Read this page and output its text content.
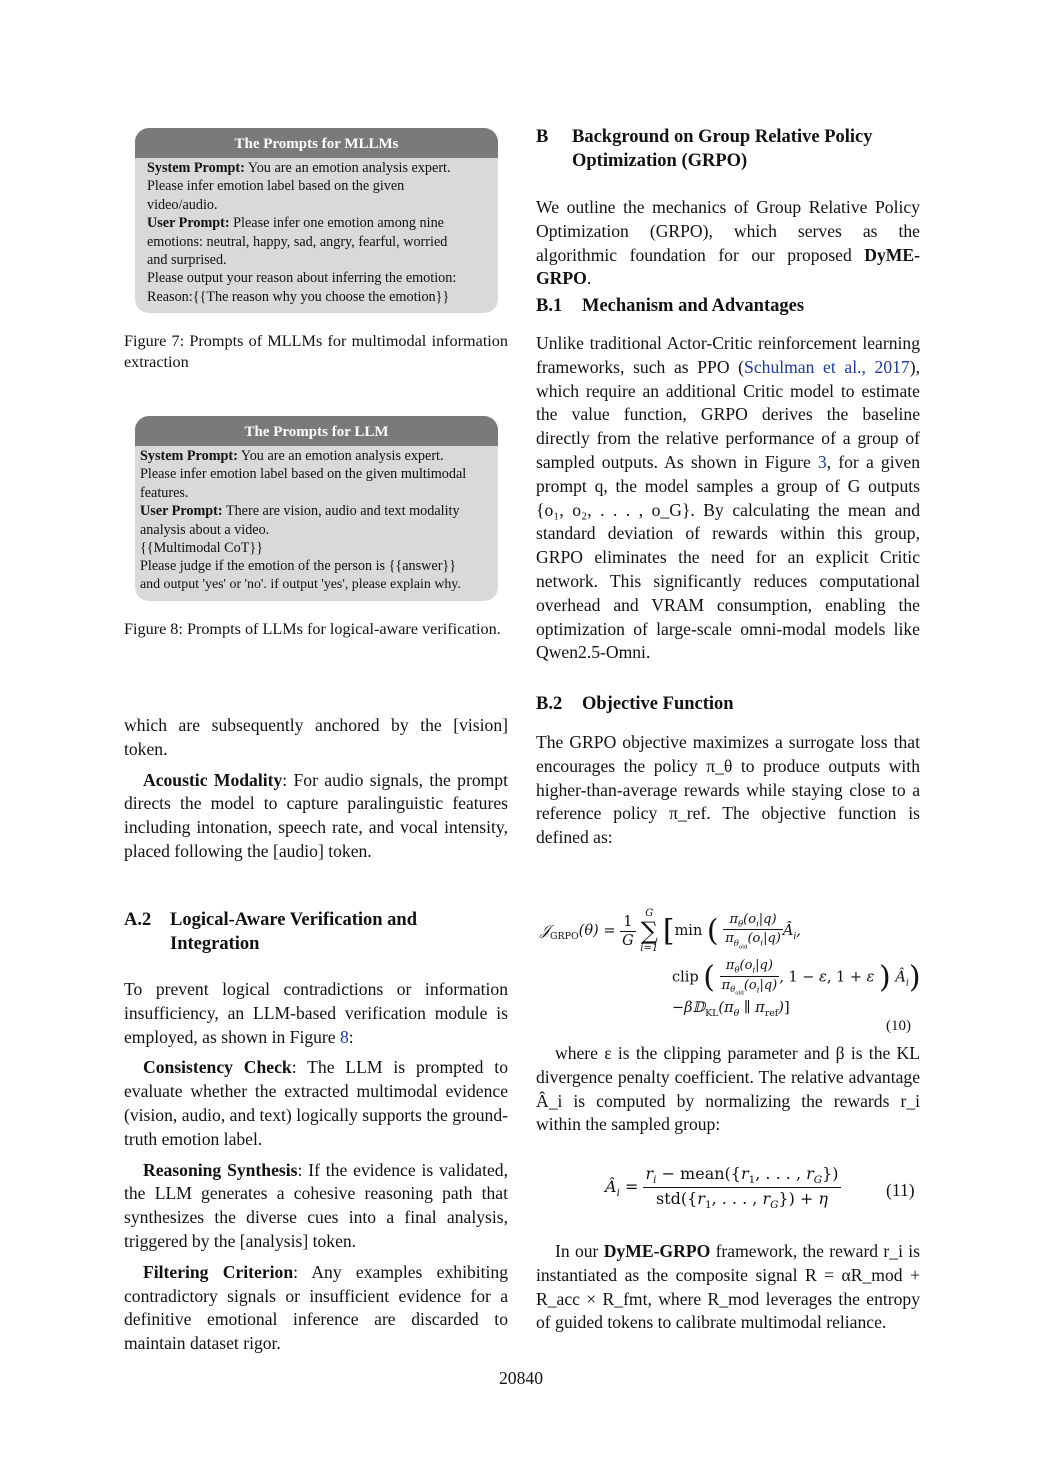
The Prompts for MLLMs
System Prompt: You are an emotion analysis expert.
Please infer emotion label based on the given
video/audio.
User Prompt: Please infer one emotion among nine
emotions: neutral, happy, sad, angry, fearful, worried
and surprised.
Please output your reason about inferring the emotion:
Reason:{{The reason why you choose the emotion}}
Figure 7: Prompts of MLLMs for multimodal information extraction
The Prompts for LLM
System Prompt: You are an emotion analysis expert.
Please infer emotion label based on the given multimodal
features.
User Prompt: There are vision, audio and text modality
analysis about a video.
{{Multimodal CoT}}
Please judge if the emotion of the person is {{answer}}
and output 'yes' or 'no'. if output 'yes', please explain why.
Figure 8: Prompts of LLMs for logical-aware verification.

which are subsequently anchored by the [vision] token.

Acoustic Modality: For audio signals, the prompt directs the model to capture paralinguistic features including intonation, speech rate, and vocal intensity, placed following the [audio] token.

A.2 Logical-Aware Verification and
Integration

To prevent logical contradictions or information insufficiency, an LLM-based verification module is employed, as shown in Figure 8:

Consistency Check: The LLM is prompted to evaluate whether the extracted multimodal evidence (vision, audio, and text) logically supports the ground-truth emotion label.

Reasoning Synthesis: If the evidence is validated, the LLM generates a cohesive reasoning path that synthesizes the diverse cues into a final analysis, triggered by the [analysis] token.

Filtering Criterion: Any examples exhibiting contradictory signals or insufficient evidence for a definitive emotional inference are discarded to maintain dataset rigor.

B Background on Group Relative Policy
Optimization (GRPO)

We outline the mechanics of Group Relative Policy Optimization (GRPO), which serves as the algorithmic foundation for our proposed DyME-GRPO.

B.1 Mechanism and Advantages

Unlike traditional Actor-Critic reinforcement learning frameworks, such as PPO (Schulman et al., 2017), which require an additional Critic model to estimate the value function, GRPO derives the baseline directly from the relative performance of a group of sampled outputs. As shown in Figure 3, for a given prompt q, the model samples a group of G outputs {o₁, o₂, . . . , o_G}. By calculating the mean and standard deviation of rewards within this group, GRPO eliminates the need for an explicit Critic network. This significantly reduces computational overhead and VRAM consumption, enabling the optimization of large-scale omni-modal models like Qwen2.5-Omni.

B.2 Objective Function

The GRPO objective maximizes a surrogate loss that encourages the policy π_θ to produce outputs with higher-than-average rewards while staying close to a reference policy π_ref. The objective function is defined as:

𝒥$_{GRPO}$(θ) = $\frac{1}{G}$
G
∑
i=1 [min ( $\frac{\pi_\theta(o_i|q)}{\pi_{\theta_{old}}(o_i|q)}$ $Â_i$,
clip ( $\frac{\pi_\theta(o_i|q)}{\pi_{\theta_{old}}(o_i|q)}$ , 1 − ε, 1 + ε ) $Â_i$)
$-\beta 𝔻_{KL}(\pi_\theta$ ∥ $\pi_{ref}$)]
(10)

where ε is the clipping parameter and β is the KL divergence penalty coefficient. The relative advantage Â_i is computed by normalizing the rewards r_i within the sampled group:

$Â_i = \frac{r_i - mean(\{r_1, . . . , r_G\})}{std(\{r_1, . . . , r_G\}) + \eta}$	(11)

In our DyME-GRPO framework, the reward r_i is instantiated as the composite signal R = αR_mod + R_acc × R_fmt, where R_mod leverages the entropy of guided tokens to calibrate multimodal reliance.

20840
